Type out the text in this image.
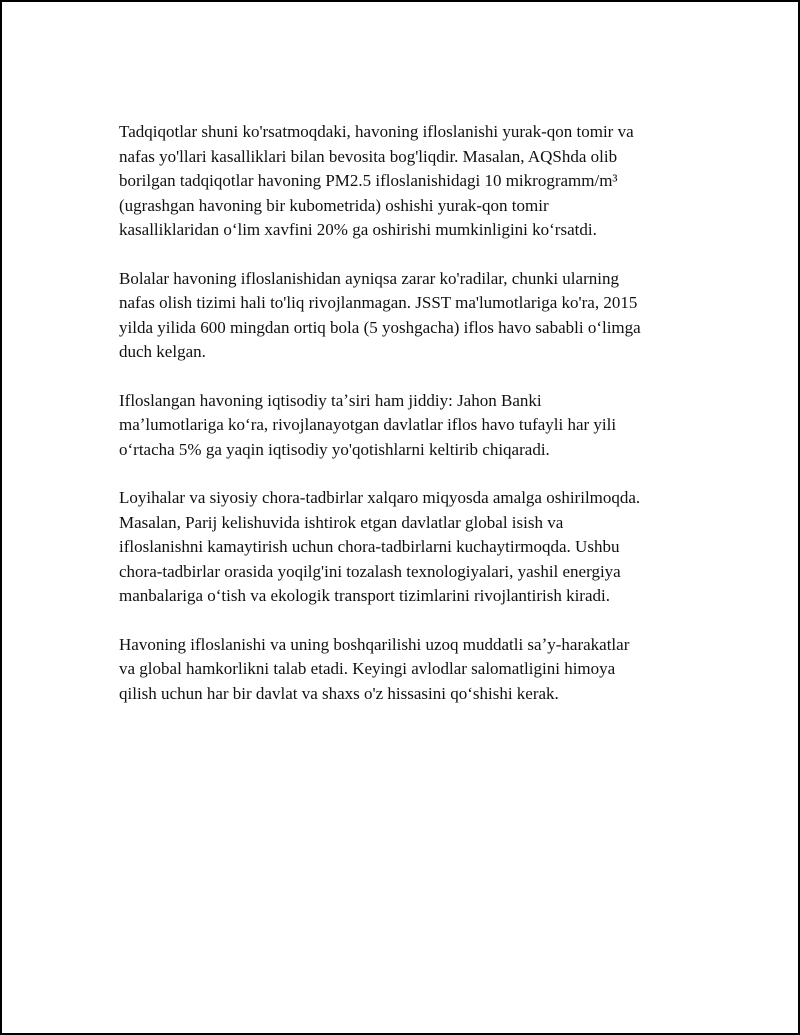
Tadqiqotlar shuni ko'rsatmoqdaki, havoning ifloslanishi yurak-qon tomir va
nafas yo'llari kasalliklari bilan bevosita bog'liqdir. Masalan, AQShda olib
borilgan tadqiqotlar havoning PM2.5 ifloslanishidagi 10 mikrogramm/m³
(ugrashgan havoning bir kubometrida) oshishi yurak-qon tomir
kasalliklaridan oʻlim xavfini 20% ga oshirishi mumkinligini koʻrsatdi.

Bolalar havoning ifloslanishidan ayniqsa zarar ko'radilar, chunki ularning
nafas olish tizimi hali to'liq rivojlanmagan. JSST ma'lumotlariga ko'ra, 2015
yilda yilida 600 mingdan ortiq bola (5 yoshgacha) iflos havo sababli oʻlimga
duch kelgan.

Ifloslangan havoning iqtisodiy taʼsiri ham jiddiy: Jahon Banki
maʼlumotlariga koʻra, rivojlanayotgan davlatlar iflos havo tufayli har yili
oʻrtacha 5% ga yaqin iqtisodiy yo'qotishlarni keltirib chiqaradi.

Loyihalar va siyosiy chora-tadbirlar xalqaro miqyosda amalga oshirilmoqda.
Masalan, Parij kelishuvida ishtirok etgan davlatlar global isish va
ifloslanishni kamaytirish uchun chora-tadbirlarni kuchaytirmoqda. Ushbu
chora-tadbirlar orasida yoqilg'ini tozalash texnologiyalari, yashil energiya
manbalariga oʻtish va ekologik transport tizimlarini rivojlantirish kiradi.

Havoning ifloslanishi va uning boshqarilishi uzoq muddatli saʼy-harakatlar
va global hamkorlikni talab etadi. Keyingi avlodlar salomatligini himoya
qilish uchun har bir davlat va shaxs o'z hissasini qoʻshishi kerak.
